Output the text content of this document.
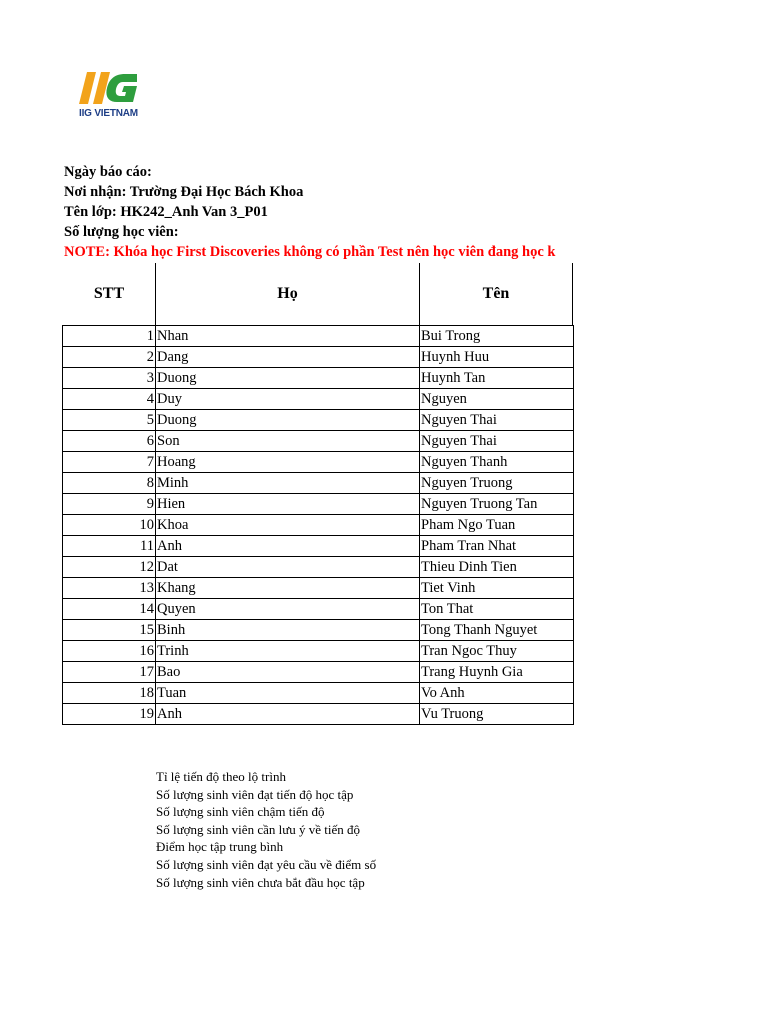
IIG VIETNAM
Ngày báo cáo:
Nơi nhận: Trường Đại Học Bách Khoa
Tên lớp: HK242_Anh Van 3_P01
Số lượng học viên:
NOTE: Khóa học First Discoveries không có phần Test nên học viên đang học k
STT	Họ	Tên
1	Nhan	Bui Trong
2	Dang	Huynh Huu
3	Duong	Huynh Tan
4	Duy	Nguyen
5	Duong	Nguyen Thai
6	Son	Nguyen Thai
7	Hoang	Nguyen Thanh
8	Minh	Nguyen Truong
9	Hien	Nguyen Truong Tan
10	Khoa	Pham Ngo Tuan
11	Anh	Pham Tran Nhat
12	Dat	Thieu Dinh Tien
13	Khang	Tiet Vinh
14	Quyen	Ton That
15	Binh	Tong Thanh Nguyet
16	Trinh	Tran Ngoc Thuy
17	Bao	Trang Huynh Gia
18	Tuan	Vo Anh
19	Anh	Vu Truong
Tỉ lệ tiến độ theo lộ trình
Số lượng sinh viên đạt tiến độ học tập
Số lượng sinh viên chậm tiến độ
Số lượng sinh viên cần lưu ý về tiến độ
Điểm học tập trung bình
Số lượng sinh viên đạt yêu cầu về điểm số
Số lượng sinh viên chưa bắt đầu học tập
